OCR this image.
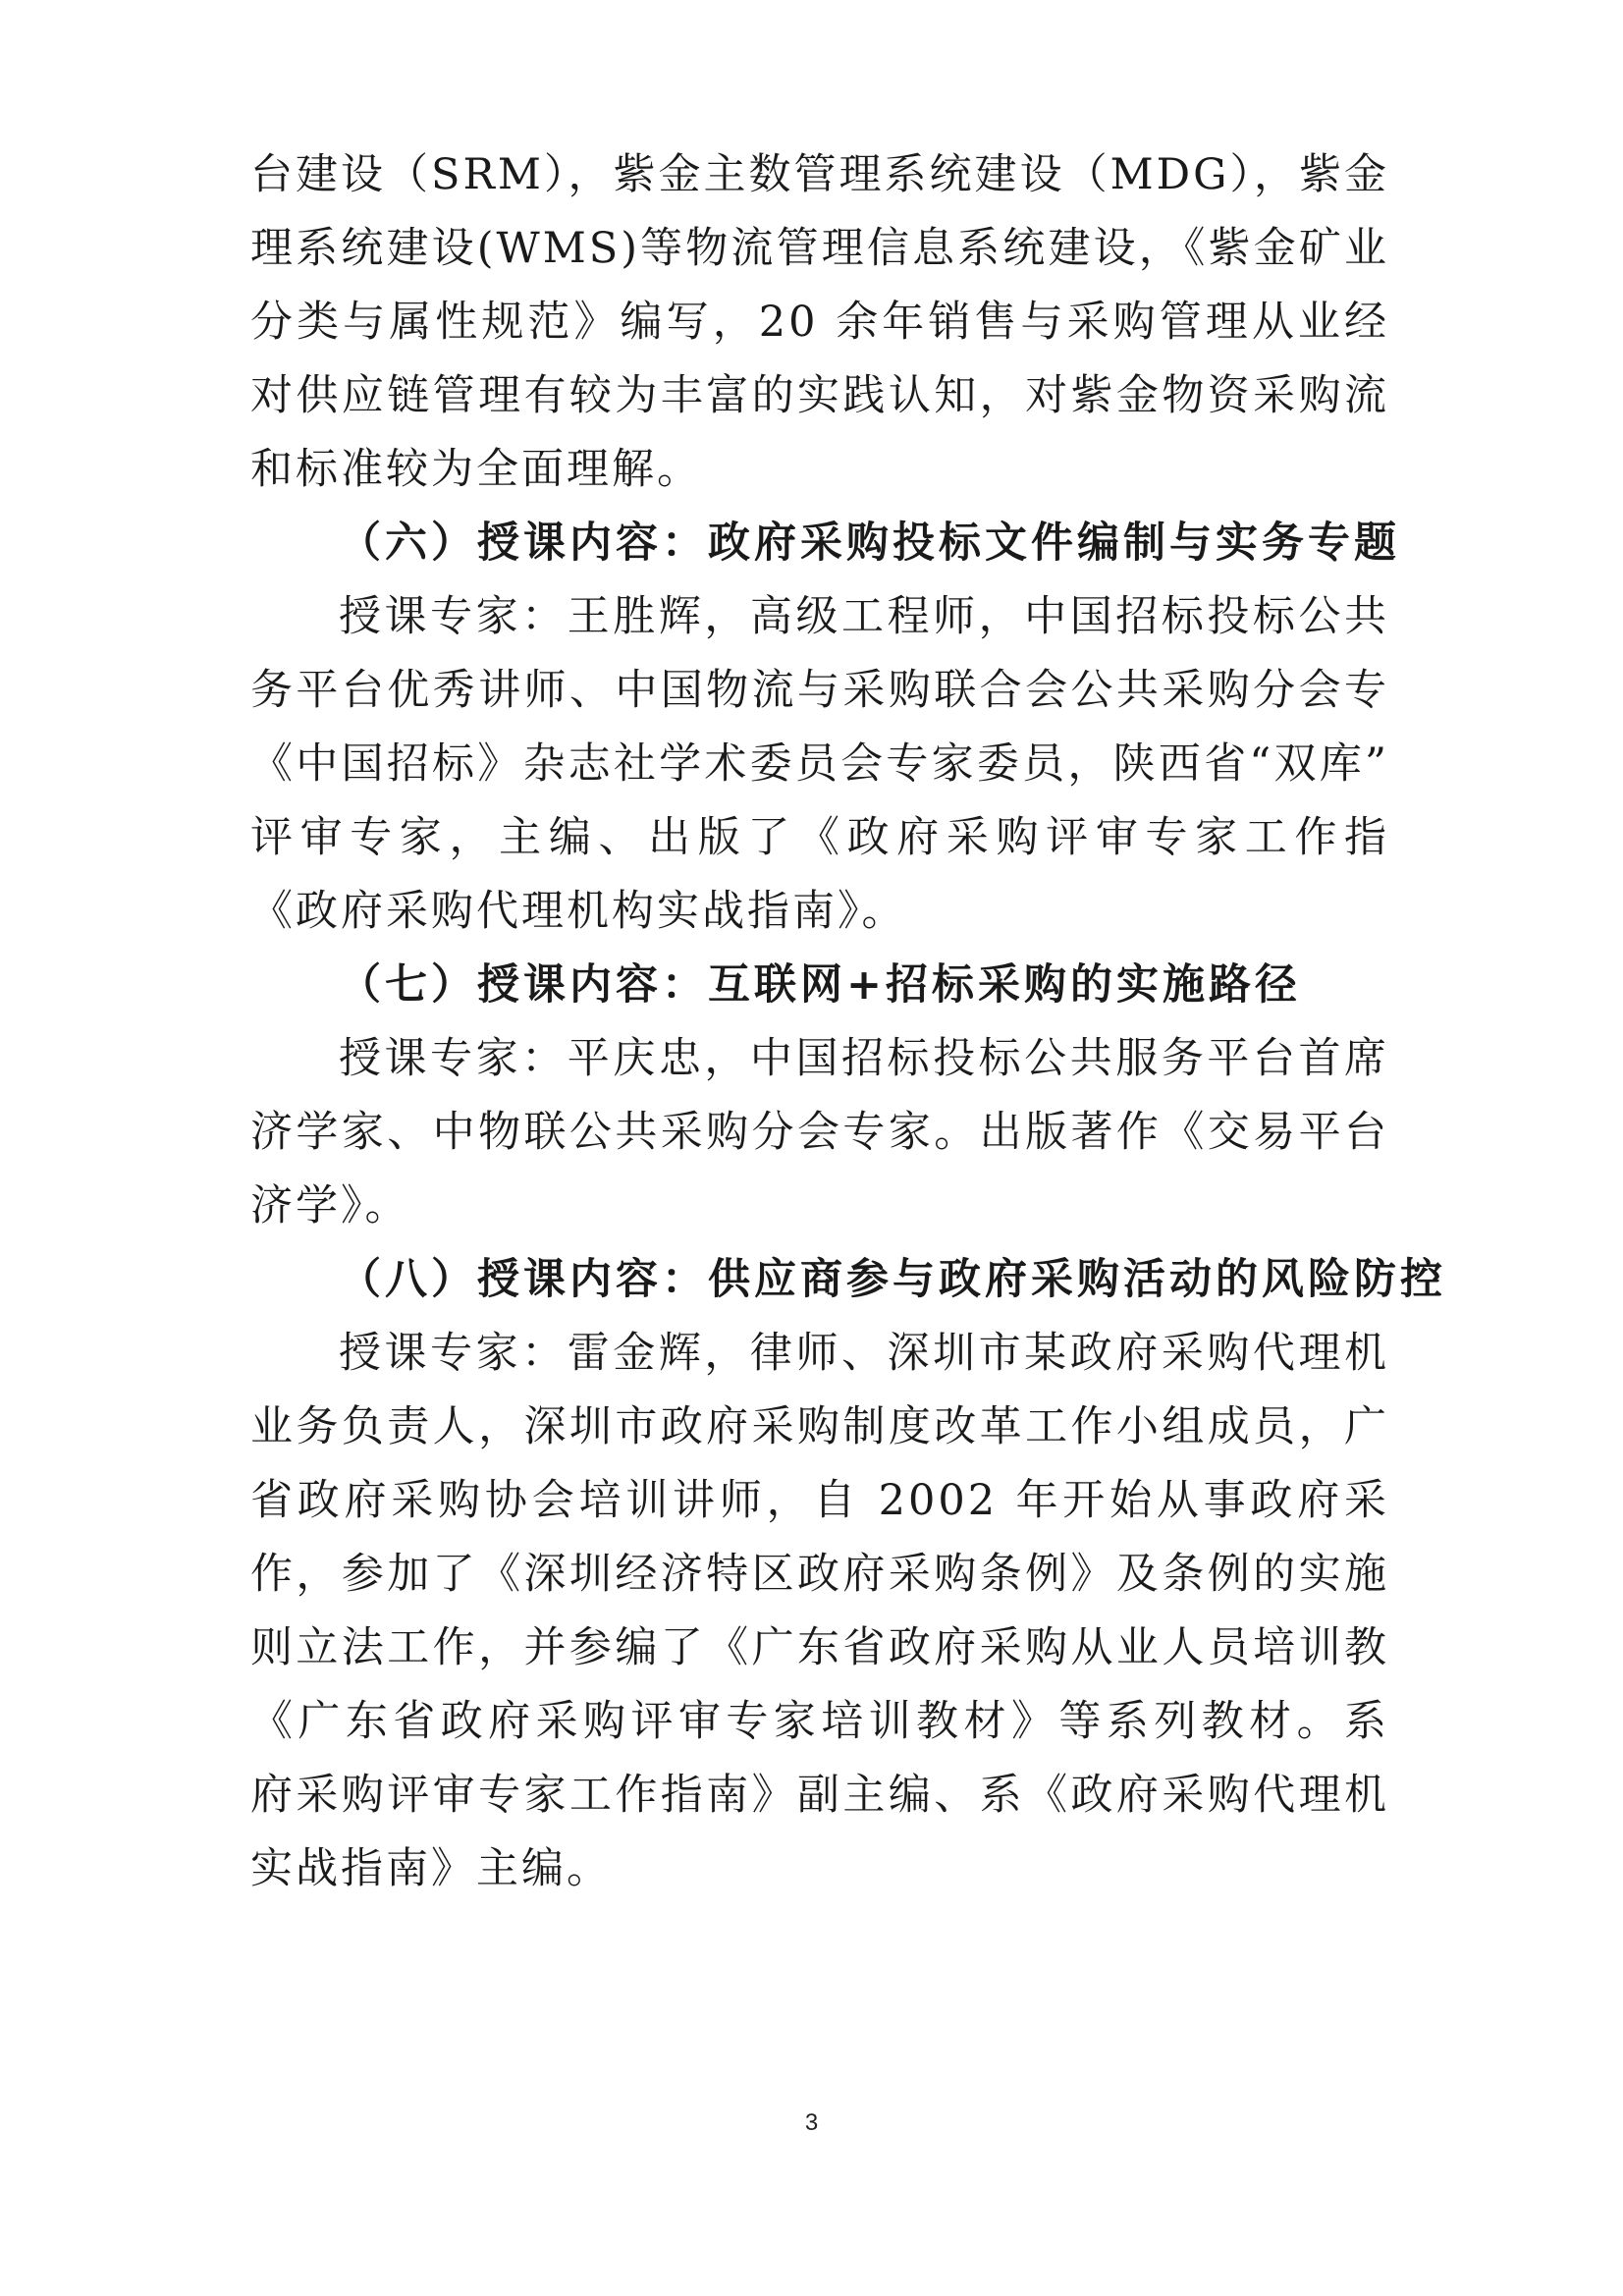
台建设（SRM），紫金主数管理系统建设（MDG），紫金
理系统建设(WMS)等物流管理信息系统建设，《紫金矿业
分类与属性规范》编写，20 余年销售与采购管理从业经
对供应链管理有较为丰富的实践认知，对紫金物资采购流
和标准较为全面理解。
（六）授课内容：政府采购投标文件编制与实务专题
授课专家：王胜辉，高级工程师，中国招标投标公共
务平台优秀讲师、中国物流与采购联合会公共采购分会专
《中国招标》杂志社学术委员会专家委员，陕西省“双库”
评审专家，主编、出版了《政府采购评审专家工作指
《政府采购代理机构实战指南》。
（七）授课内容：互联网+招标采购的实施路径
授课专家：平庆忠，中国招标投标公共服务平台首席
济学家、中物联公共采购分会专家。出版著作《交易平台
济学》。
（八）授课内容：供应商参与政府采购活动的风险防控
授课专家：雷金辉，律师、深圳市某政府采购代理机
业务负责人，深圳市政府采购制度改革工作小组成员，广
省政府采购协会培训讲师，自 2002 年开始从事政府采
作，参加了《深圳经济特区政府采购条例》及条例的实施
则立法工作，并参编了《广东省政府采购从业人员培训教
《广东省政府采购评审专家培训教材》等系列教材。系
府采购评审专家工作指南》副主编、系《政府采购代理机
实战指南》主编。
3
